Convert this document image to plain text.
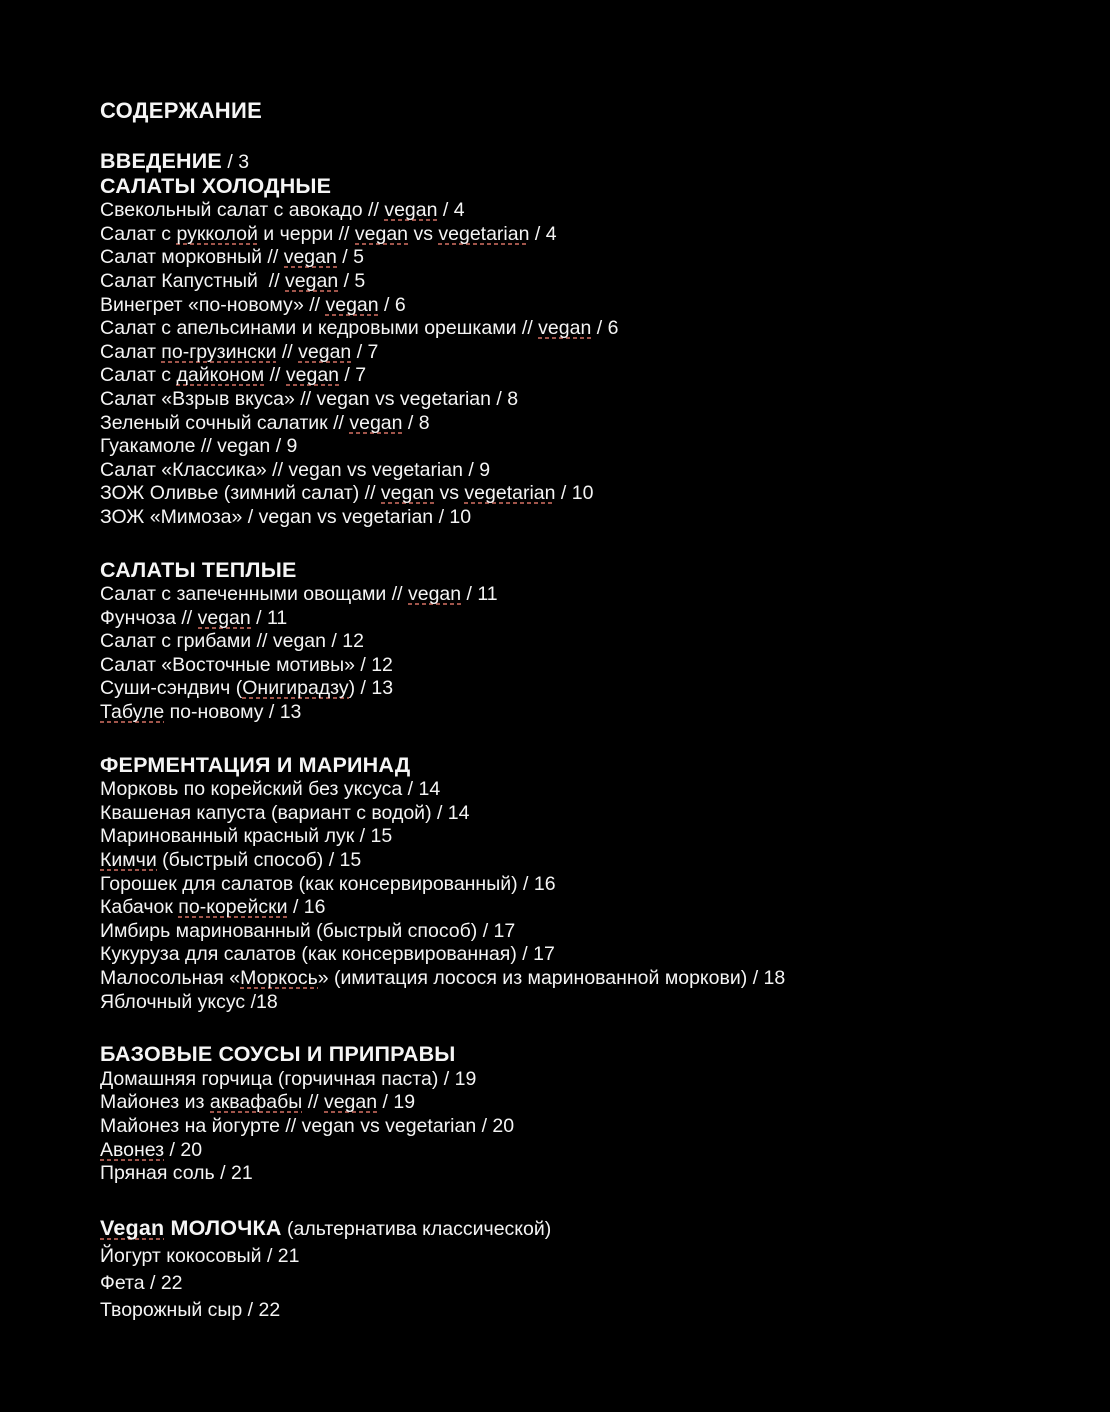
СОДЕРЖАНИЕ
ВВЕДЕНИЕ / 3
САЛАТЫ ХОЛОДНЫЕ
Свекольный салат с авокадо // vegan / 4
Салат с рукколой и черри // vegan vs vegetarian / 4
Салат морковный // vegan / 5
Салат Капустный  // vegan / 5
Винегрет «по-новому» // vegan / 6
Салат с апельсинами и кедровыми орешками // vegan / 6
Салат по-грузински // vegan / 7
Салат с дайконом // vegan / 7
Салат «Взрыв вкуса» // vegan vs vegetarian / 8
Зеленый сочный салатик // vegan / 8
Гуакамоле // vegan / 9
Салат «Классика» // vegan vs vegetarian / 9
ЗОЖ Оливье (зимний салат) // vegan vs vegetarian / 10
ЗОЖ «Мимоза» / vegan vs vegetarian / 10
САЛАТЫ ТЕПЛЫЕ
Салат с запеченными овощами // vegan / 11
Фунчоза // vegan / 11
Салат с грибами // vegan / 12
Салат «Восточные мотивы» / 12
Суши-сэндвич (Онигирадзу) / 13
Табуле по-новому / 13
ФЕРМЕНТАЦИЯ И МАРИНАД
Морковь по корейский без уксуса / 14
Квашеная капуста (вариант с водой) / 14
Маринованный красный лук / 15
Кимчи (быстрый способ) / 15
Горошек для салатов (как консервированный) / 16
Кабачок по-корейски / 16
Имбирь маринованный (быстрый способ) / 17
Кукуруза для салатов (как консервированная) / 17
Малосольная «Моркось» (имитация лосося из маринованной моркови) / 18
Яблочный уксус /18
БАЗОВЫЕ СОУСЫ И ПРИПРАВЫ
Домашняя горчица (горчичная паста) / 19
Майонез из аквафабы // vegan / 19
Майонез на йогурте // vegan vs vegetarian / 20
Авонез / 20
Пряная соль / 21
Vegan МОЛОЧКА (альтернатива классической)
Йогурт кокосовый / 21
Фета / 22
Творожный сыр / 22
